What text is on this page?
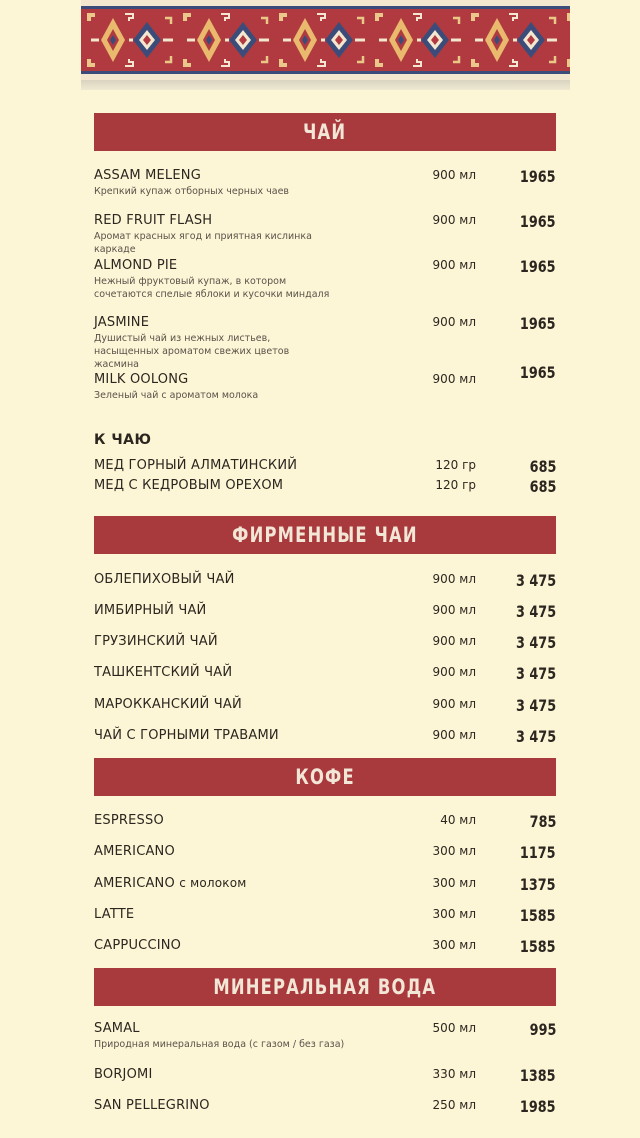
ЧАЙ
ASSAM MELENG
Крепкий купаж отборных черных чаев
900 мл	1965
RED FRUIT FLASH
Аромат красных ягод и приятная кислинка каркаде
900 мл	1965
ALMOND PIE
Нежный фруктовый купаж, в котором сочетаются спелые яблоки и кусочки миндаля
900 мл	1965
JASMINE
Душистый чай из нежных листьев, насыщенных ароматом свежих цветов жасмина
900 мл	1965
MILK OOLONG
Зеленый чай с ароматом молока
900 мл	1965
К ЧАЮ
МЕД ГОРНЫЙ АЛМАТИНСКИЙ	120 гр	685
МЕД С КЕДРОВЫМ ОРЕХОМ	120 гр	685
ФИРМЕННЫЕ ЧАИ
ОБЛЕПИХОВЫЙ ЧАЙ	900 мл 3 475
ИМБИРНЫЙ ЧАЙ	900 мл 3 475
ГРУЗИНСКИЙ ЧАЙ	900 мл 3 475
ТАШКЕНТСКИЙ ЧАЙ	900 мл 3 475
МАРОККАНСКИЙ ЧАЙ	900 мл 3 475
ЧАЙ С ГОРНЫМИ ТРАВАМИ	900 мл 3 475
КОФЕ
ESPRESSO	40 мл	785
AMERICANO	300 мл	1175
AMERICANO с молоком	300 мл	1375
LATTE	300 мл	1585
CAPPUCCINO	300 мл	1585
МИНЕРАЛЬНАЯ ВОДА
SAMAL
Природная минеральная вода (с газом / без газа)
500 мл	995
BORJOMI	330 мл	1385
SAN PELLEGRINO	250 мл	1985
